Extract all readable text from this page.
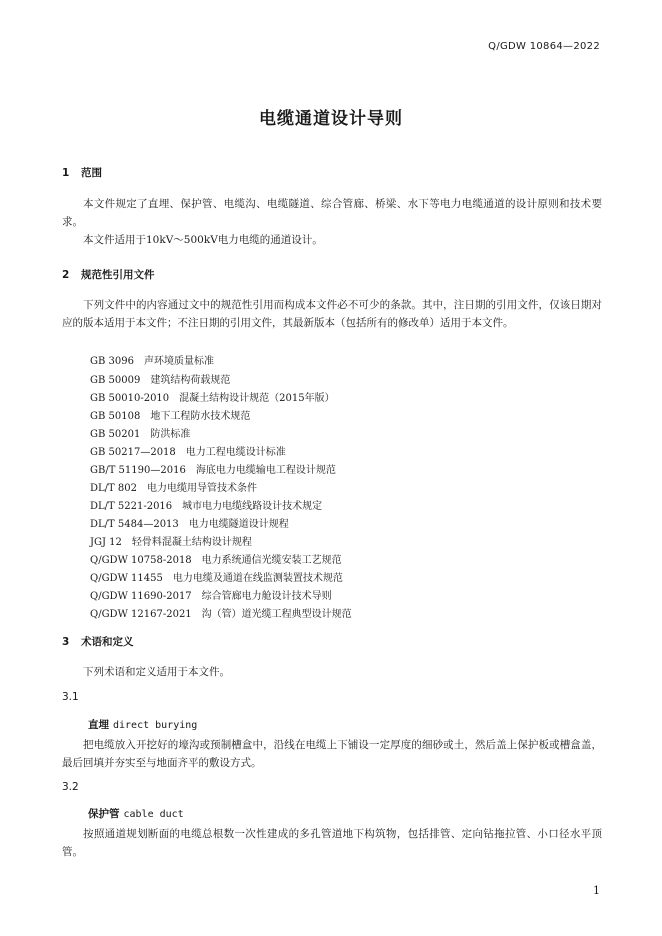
Q/GDW 10864—2022
电缆通道设计导则
1 范围
本文件规定了直埋、保护管、电缆沟、电缆隧道、综合管廊、桥梁、水下等电力电缆通道的设计原则和技术要求。
本文件适用于10kV～500kV电力电缆的通道设计。
2 规范性引用文件
下列文件中的内容通过文中的规范性引用而构成本文件必不可少的条款。其中，注日期的引用文件，仅该日期对应的版本适用于本文件；不注日期的引用文件，其最新版本（包括所有的修改单）适用于本文件。
GB 3096　声环境质量标准
GB 50009　建筑结构荷载规范
GB 50010-2010　混凝土结构设计规范（2015年版）
GB 50108　地下工程防水技术规范
GB 50201　防洪标准
GB 50217—2018　电力工程电缆设计标准
GB/T 51190—2016　海底电力电缆输电工程设计规范
DL/T 802　电力电缆用导管技术条件
DL/T 5221-2016　城市电力电缆线路设计技术规定
DL/T 5484—2013　电力电缆隧道设计规程
JGJ 12　轻骨料混凝土结构设计规程
Q/GDW 10758-2018　电力系统通信光缆安装工艺规范
Q/GDW 11455　电力电缆及通道在线监测装置技术规范
Q/GDW 11690-2017　综合管廊电力舱设计技术导则
Q/GDW 12167-2021　沟（管）道光缆工程典型设计规范
3 术语和定义
下列术语和定义适用于本文件。
3.1
直埋 direct burying
把电缆放入开挖好的壕沟或预制槽盒中，沿线在电缆上下铺设一定厚度的细砂或土，然后盖上保护板或槽盒盖，最后回填并夯实至与地面齐平的敷设方式。
3.2
保护管 cable duct
按照通道规划断面的电缆总根数一次性建成的多孔管道地下构筑物，包括排管、定向钻拖拉管、小口径水平顶管。
1
